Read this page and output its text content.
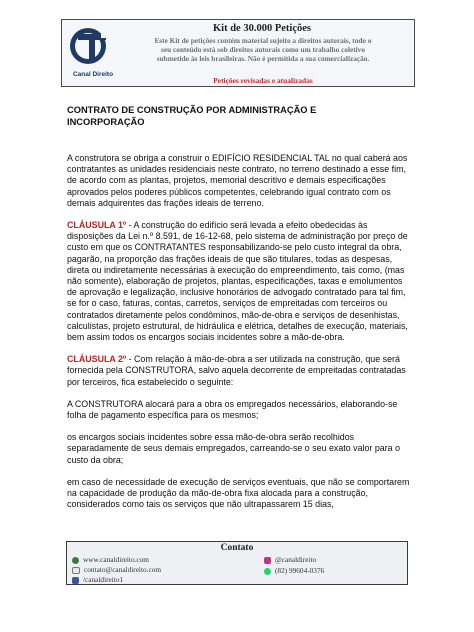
Canal Direito
Kit de 30.000 Petições
Este Kit de petições contém material sujeito a direitos autorais, todo o
seu conteúdo está sob direitos autorais como um trabalho coletivo
submetido às leis brasileiras. Não é permitida a sua comercialização.
Petições revisadas e atualizadas

CONTRATO DE CONSTRUÇÃO POR ADMINISTRAÇÃO E
INCORPORAÇÃO

A construtora se obriga a construir o EDIFÍCIO RESIDENCIAL TAL no qual caberá aos contratantes as unidades residenciais neste contrato, no terreno destinado a esse fim, de acordo com as plantas, projetos, memorial descritivo e demais especificações aprovados pelos poderes públicos competentes, celebrando igual contrato com os demais adquirentes das frações ideais de terreno.

CLÁUSULA 1º - A construção do edifício será levada a efeito obedecidas às disposições da Lei n.º 8.591, de 16-12-68, pelo sistema de administração por preço de custo em que os CONTRATANTES responsabilizando-se pelo custo integral da obra, pagarão, na proporção das frações ideais de que são titulares, todas as despesas, direta ou indiretamente necessárias à execução do empreendimento, tais como, (mas não somente), elaboração de projetos, plantas, especificações, taxas e emolumentos de aprovação e legalização, inclusive honorários de advogado contratado para tal fim, se for o caso, faturas, contas, carretos, serviços de empreitadas com terceiros ou contratados diretamente pelos condôminos, mão-de-obra e serviços de desenhistas, calculistas, projeto estrutural, de hidráulica e elétrica, detalhes de execução, materiais, bem assim todos os encargos sociais incidentes sobre a mão-de-obra.

CLÁUSULA 2º - Com relação à mão-de-obra a ser utilizada na construção, que será fornecida pela CONSTRUTORA, salvo aquela decorrente de empreitadas contratadas por terceiros, fica estabelecido o seguinte:

A CONSTRUTORA alocará para a obra os empregados necessários, elaborando-se folha de pagamento específica para os mesmos;

os encargos sociais incidentes sobre essa mão-de-obra serão recolhidos separadamente de seus demais empregados, carreando-se o seu exato valor para o custo da obra;

em caso de necessidade de execução de serviços eventuais, que não se comportarem na capacidade de produção da mão-de-obra fixa alocada para a construção, considerados como tais os serviços que não ultrapassarem 15 dias,

Contato
www.canaldireito.com
contato@canaldireito.com
/canaldireito1
@canaldireito
(82) 99604-0376
